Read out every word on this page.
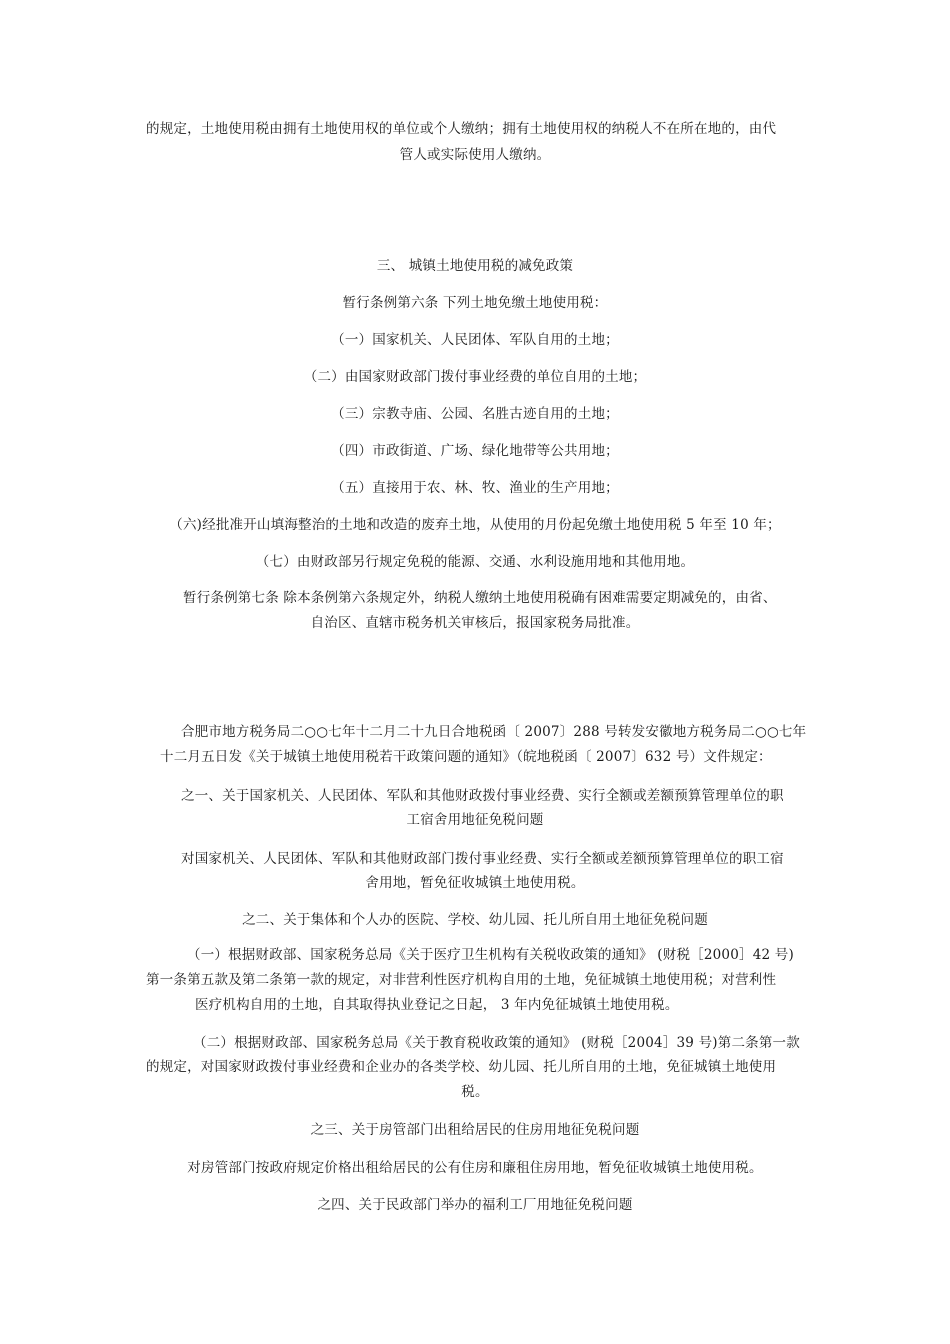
的规定，土地使用税由拥有土地使用权的单位或个人缴纳；拥有土地使用权的纳税人不在所在地的，由代

管人或实际使用人缴纳。

三、 城镇土地使用税的减免政策

暂行条例第六条 下列土地免缴土地使用税：

（一）国家机关、人民团体、军队自用的土地；

（二）由国家财政部门拨付事业经费的单位自用的土地；

（三）宗教寺庙、公园、名胜古迹自用的土地；

（四）市政街道、广场、绿化地带等公共用地；

（五）直接用于农、林、牧、渔业的生产用地；

（六)经批准开山填海整治的土地和改造的废弃土地，从使用的月份起免缴土地使用税 5 年至 10 年；

（七）由财政部另行规定免税的能源、交通、水利设施用地和其他用地。

暂行条例第七条 除本条例第六条规定外，纳税人缴纳土地使用税确有困难需要定期减免的，由省、

自治区、直辖市税务机关审核后，报国家税务局批准。

合肥市地方税务局二○○七年十二月二十九日合地税函〔 2007〕288 号转发安徽地方税务局二○○七年

十二月五日发《关于城镇土地使用税若干政策问题的通知》（皖地税函〔 2007〕632 号）文件规定：

之一、关于国家机关、人民团体、军队和其他财政拨付事业经费、实行全额或差额预算管理单位的职

工宿舍用地征免税问题

对国家机关、人民团体、军队和其他财政部门拨付事业经费、实行全额或差额预算管理单位的职工宿

舍用地，暂免征收城镇土地使用税。

之二、关于集体和个人办的医院、学校、幼儿园、托儿所自用土地征免税问题

（一）根据财政部、国家税务总局《关于医疗卫生机构有关税收政策的通知》 (财税［2000］42 号)

第一条第五款及第二条第一款的规定，对非营利性医疗机构自用的土地，免征城镇土地使用税；对营利性

医疗机构自用的土地，自其取得执业登记之日起， 3 年内免征城镇土地使用税。

（二）根据财政部、国家税务总局《关于教育税收政策的通知》 (财税［2004］39 号)第二条第一款

的规定，对国家财政拨付事业经费和企业办的各类学校、幼儿园、托儿所自用的土地，免征城镇土地使用

税。

之三、关于房管部门出租给居民的住房用地征免税问题

对房管部门按政府规定价格出租给居民的公有住房和廉租住房用地，暂免征收城镇土地使用税。

之四、关于民政部门举办的福利工厂用地征免税问题
